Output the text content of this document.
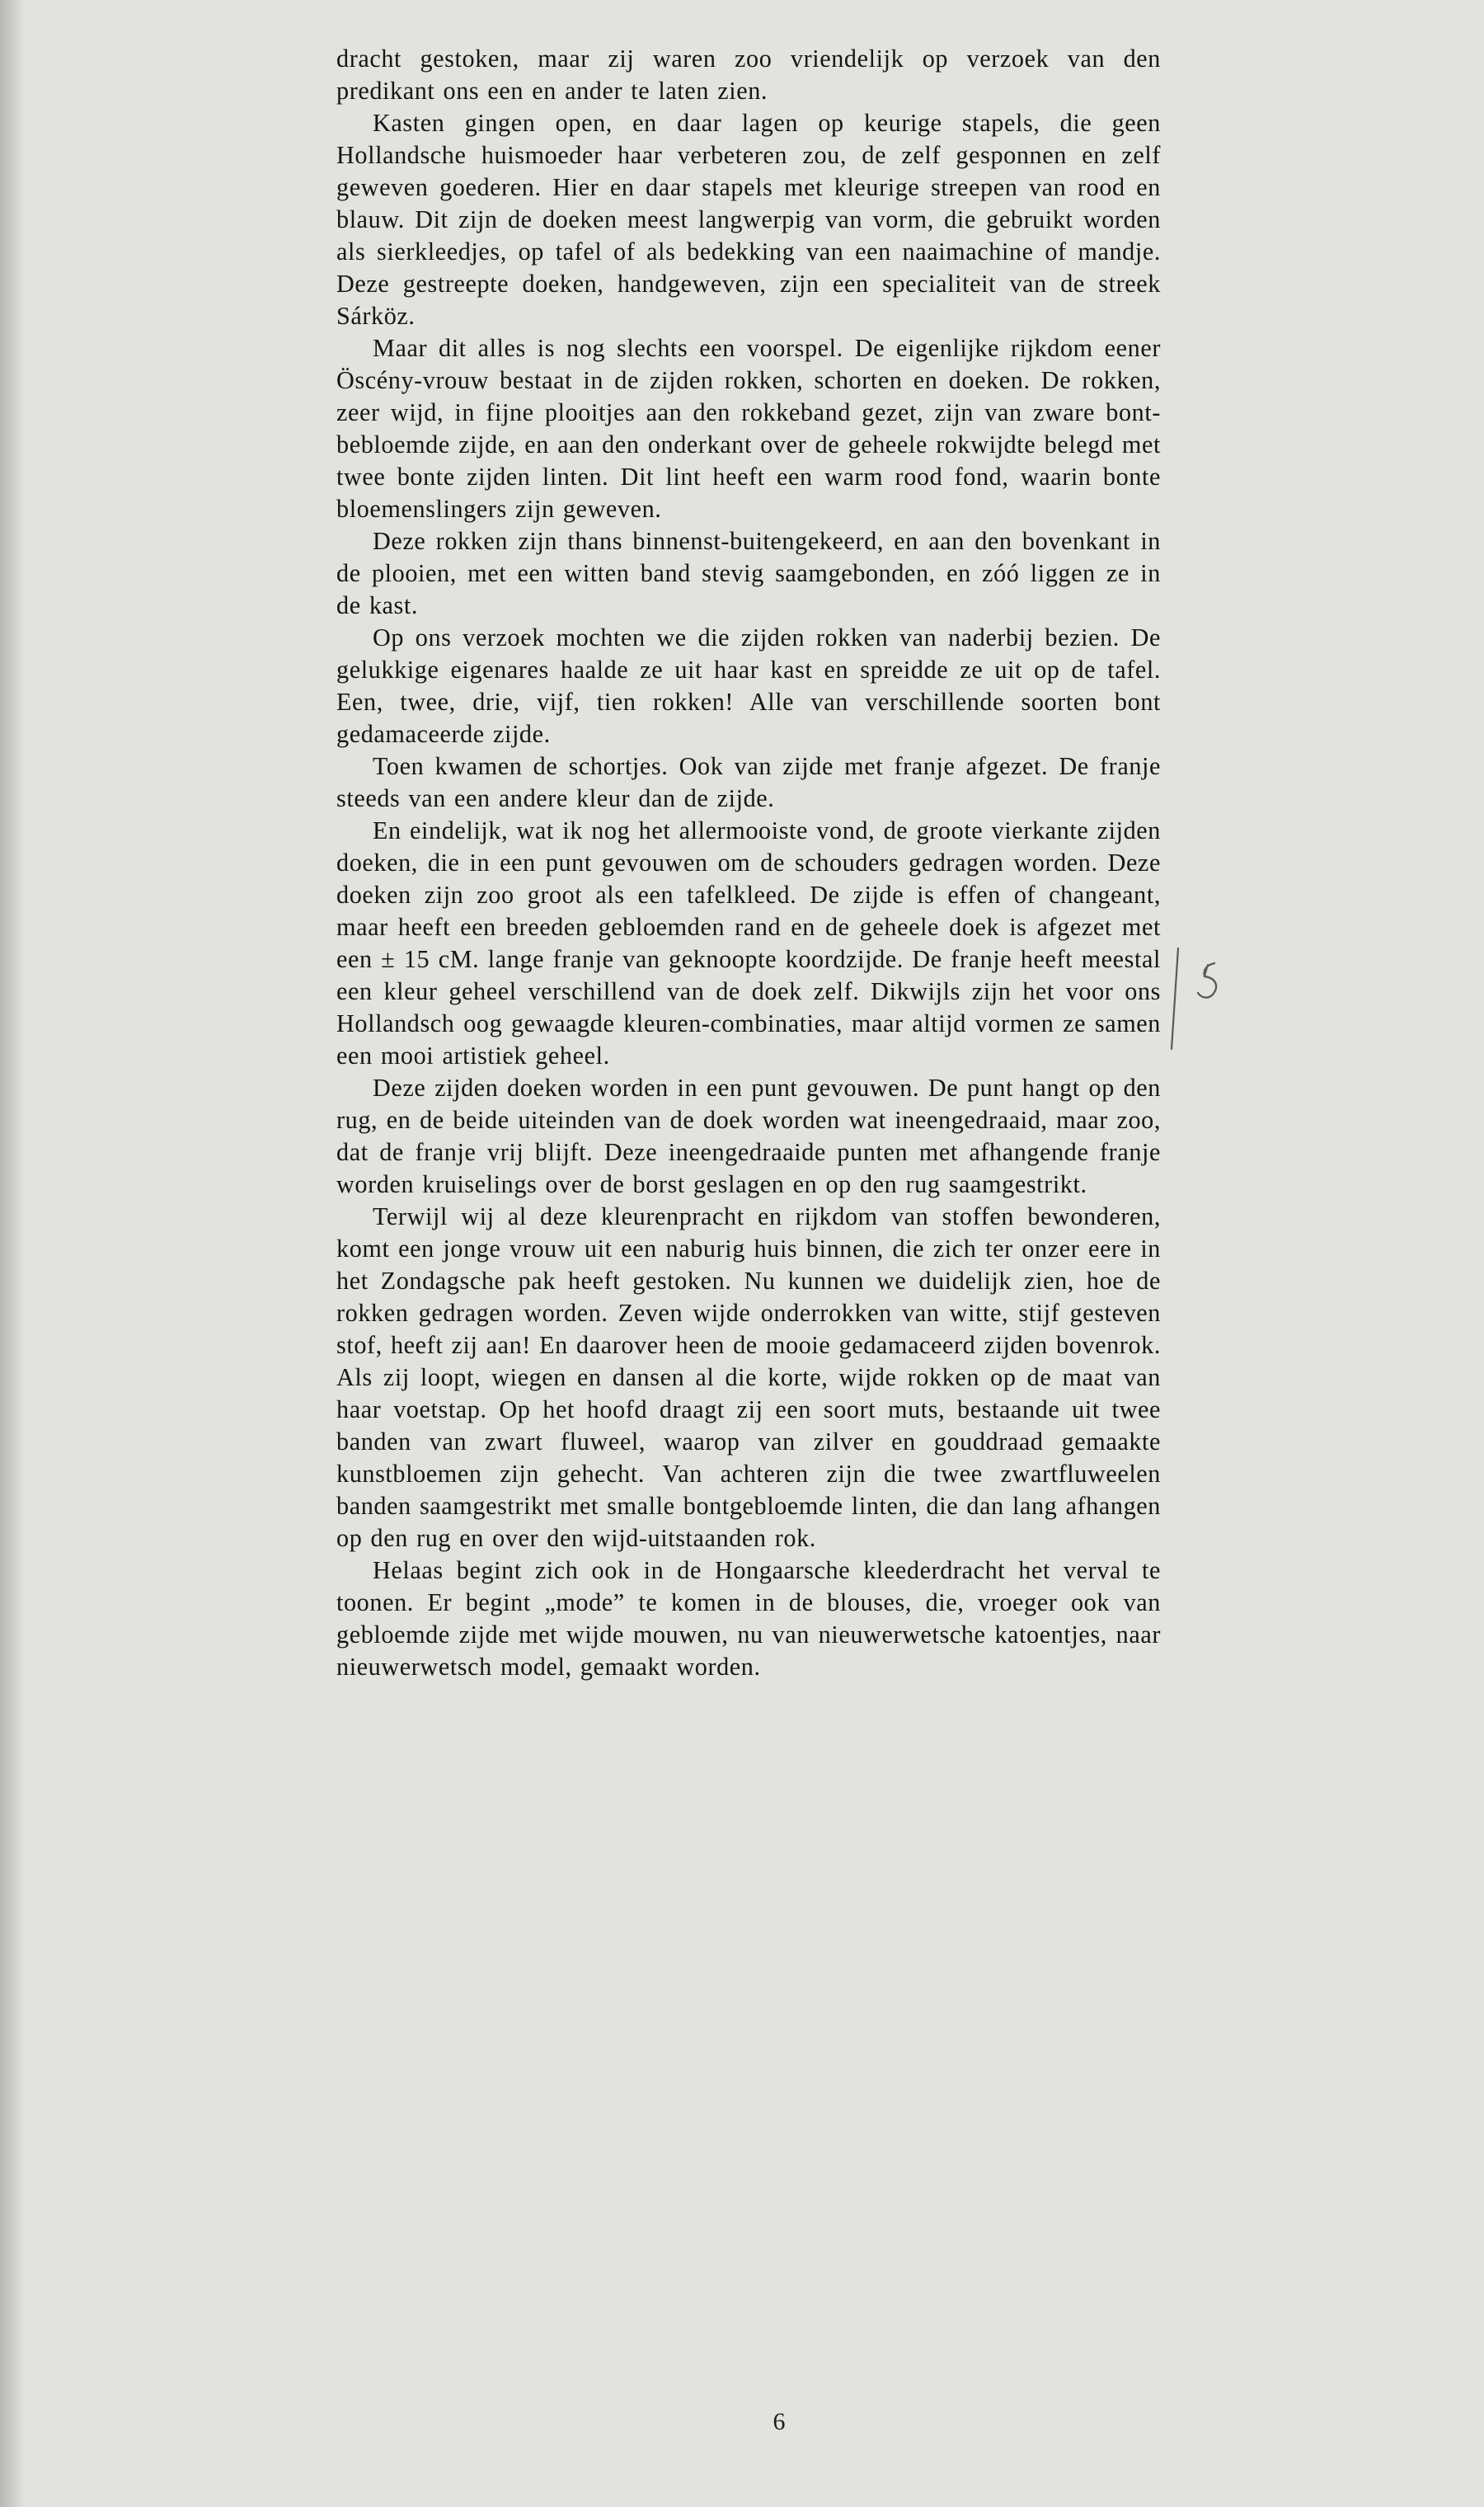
dracht gestoken, maar zij waren zoo vriendelijk op verzoek van den predikant ons een en ander te laten zien.

Kasten gingen open, en daar lagen op keurige stapels, die geen Hollandsche huismoeder haar verbeteren zou, de zelf gesponnen en zelf geweven goederen. Hier en daar stapels met kleurige streepen van rood en blauw. Dit zijn de doeken meest langwerpig van vorm, die gebruikt worden als sierkleedjes, op tafel of als bedekking van een naaimachine of mandje. Deze gestreepte doeken, handgeweven, zijn een specialiteit van de streek Sárköz.

Maar dit alles is nog slechts een voorspel. De eigenlijke rijkdom eener Öscény-vrouw bestaat in de zijden rokken, schorten en doeken. De rokken, zeer wijd, in fijne plooitjes aan den rokkeband gezet, zijn van zware bont-bebloemde zijde, en aan den onderkant over de geheele rokwijdte belegd met twee bonte zijden linten. Dit lint heeft een warm rood fond, waarin bonte bloemenslingers zijn geweven.

Deze rokken zijn thans binnenst-buitengekeerd, en aan den bovenkant in de plooien, met een witten band stevig saamgebonden, en zóó liggen ze in de kast.

Op ons verzoek mochten we die zijden rokken van naderbij bezien. De gelukkige eigenares haalde ze uit haar kast en spreidde ze uit op de tafel. Een, twee, drie, vijf, tien rokken! Alle van verschillende soorten bont gedamaceerde zijde.

Toen kwamen de schortjes. Ook van zijde met franje afgezet. De franje steeds van een andere kleur dan de zijde.

En eindelijk, wat ik nog het allermooiste vond, de groote vierkante zijden doeken, die in een punt gevouwen om de schouders gedragen worden. Deze doeken zijn zoo groot als een tafelkleed. De zijde is effen of changeant, maar heeft een breeden gebloemden rand en de geheele doek is afgezet met een ± 15 cM. lange franje van geknoopte koordzijde. De franje heeft meestal een kleur geheel verschillend van de doek zelf. Dikwijls zijn het voor ons Hollandsch oog gewaagde kleuren-combinaties, maar altijd vormen ze samen een mooi artistiek geheel.

Deze zijden doeken worden in een punt gevouwen. De punt hangt op den rug, en de beide uiteinden van de doek worden wat ineengedraaid, maar zoo, dat de franje vrij blijft. Deze ineengedraaide punten met afhangende franje worden kruiselings over de borst geslagen en op den rug saamgestrikt.

Terwijl wij al deze kleurenpracht en rijkdom van stoffen bewonderen, komt een jonge vrouw uit een naburig huis binnen, die zich ter onzer eere in het Zondagsche pak heeft gestoken. Nu kunnen we duidelijk zien, hoe de rokken gedragen worden. Zeven wijde onderrokken van witte, stijf gesteven stof, heeft zij aan! En daarover heen de mooie gedamaceerd zijden bovenrok. Als zij loopt, wiegen en dansen al die korte, wijde rokken op de maat van haar voetstap. Op het hoofd draagt zij een soort muts, bestaande uit twee banden van zwart fluweel, waarop van zilver en gouddraad gemaakte kunstbloemen zijn gehecht. Van achteren zijn die twee zwartfluweelen banden saamgestrikt met smalle bontgebloemde linten, die dan lang afhangen op den rug en over den wijd-uitstaanden rok.

Helaas begint zich ook in de Hongaarsche kleederdracht het verval te toonen. Er begint „mode” te komen in de blouses, die, vroeger ook van gebloemde zijde met wijde mouwen, nu van nieuwerwetsche katoentjes, naar nieuwerwetsch model, gemaakt worden.

6
